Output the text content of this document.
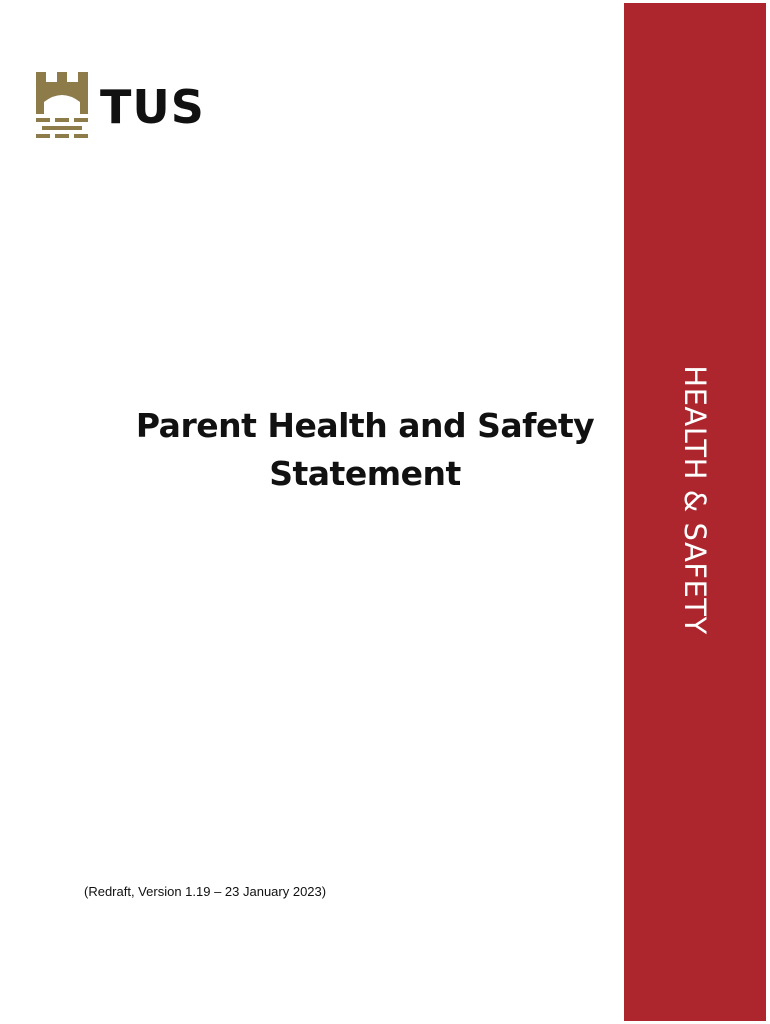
TUS
Parent Health and Safety
Statement
(Redraft, Version 1.19 – 23 January 2023)
HEALTH & SAFETY
